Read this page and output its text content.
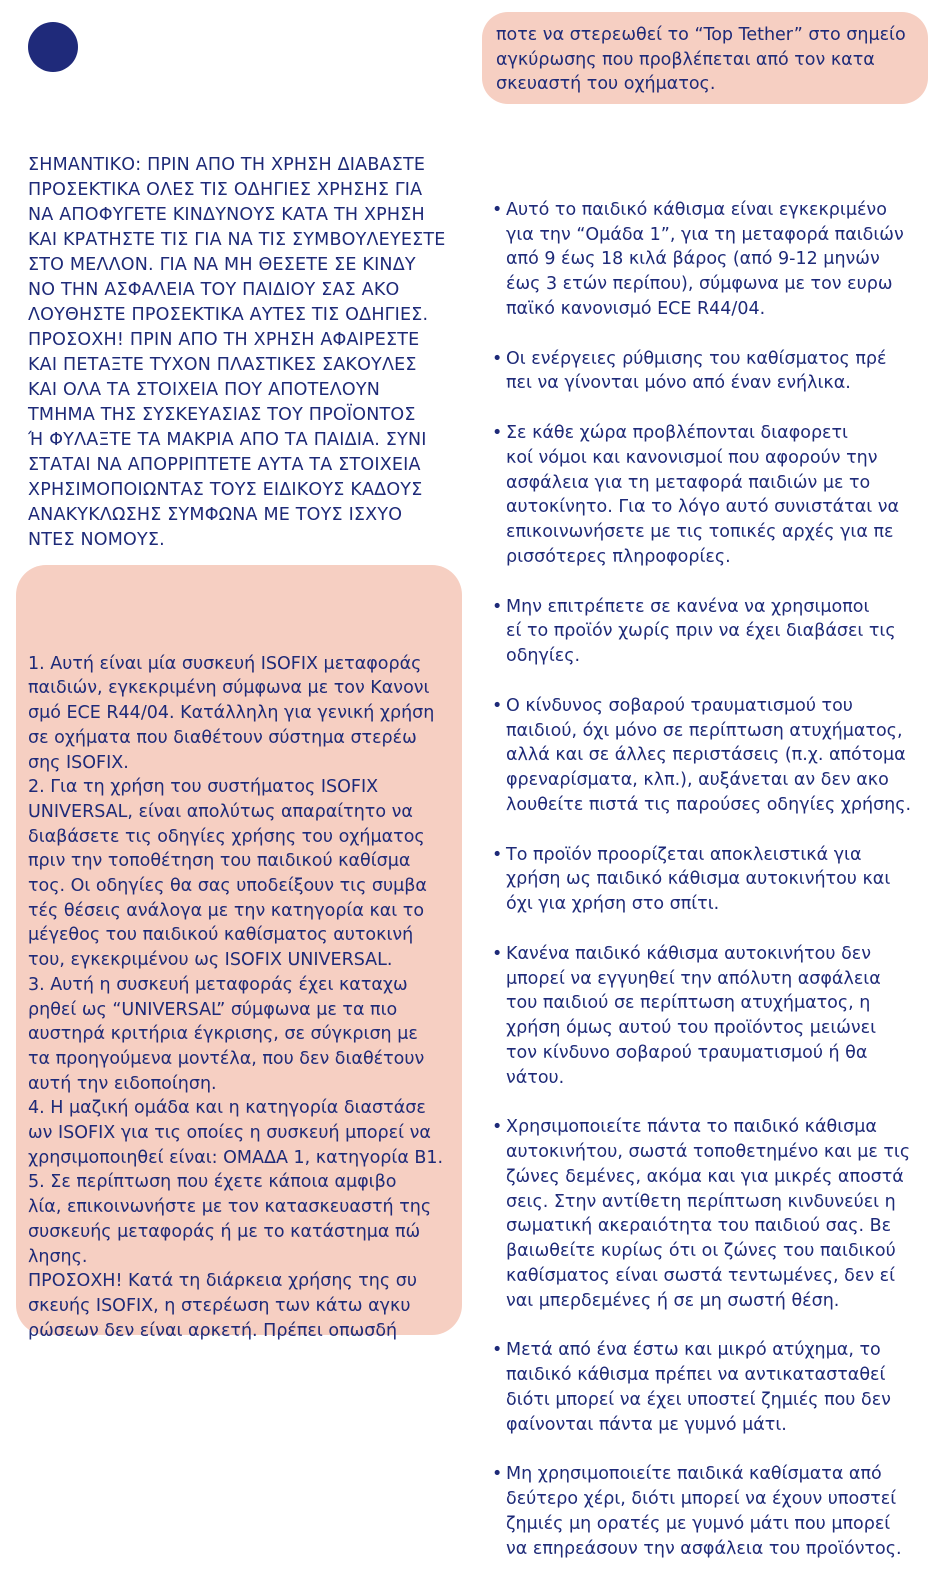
ποτε να στερεωθεί το “Top Tether” στο σημείο
αγκύρωσης που προβλέπεται από τον κατα
σκευαστή του οχήματος.
ΣΗΜΑΝΤΙΚΟ: ΠΡΙΝ ΑΠΟ ΤΗ ΧΡΗΣΗ ΔΙΑΒΑΣΤΕ
ΠΡΟΣΕΚΤΙΚΑ ΟΛΕΣ ΤΙΣ ΟΔΗΓΙΕΣ ΧΡΗΣΗΣ ΓΙΑ
ΝΑ ΑΠΟΦΥΓΕΤΕ ΚΙΝΔΥΝΟΥΣ ΚΑΤΑ ΤΗ ΧΡΗΣΗ
ΚΑΙ ΚΡΑΤΗΣΤΕ ΤΙΣ ΓΙΑ ΝΑ ΤΙΣ ΣΥΜΒΟΥΛΕΥΕΣΤΕ
ΣΤΟ ΜΕΛΛΟΝ. ΓΙΑ ΝΑ ΜΗ ΘΕΣΕΤΕ ΣΕ ΚΙΝΔΥ
ΝΟ ΤΗΝ ΑΣΦΑΛΕΙΑ ΤΟΥ ΠΑΙΔΙΟΥ ΣΑΣ ΑΚΟ
ΛΟΥΘΗΣΤΕ ΠΡΟΣΕΚΤΙΚΑ ΑΥΤΕΣ ΤΙΣ ΟΔΗΓΙΕΣ.
ΠΡΟΣΟΧΗ! ΠΡΙΝ ΑΠΟ ΤΗ ΧΡΗΣΗ ΑΦΑΙΡΕΣΤΕ
ΚΑΙ ΠΕΤΑΞΤΕ ΤΥΧΟΝ ΠΛΑΣΤΙΚΕΣ ΣΑΚΟΥΛΕΣ
ΚΑΙ ΟΛΑ ΤΑ ΣΤΟΙΧΕΙΑ ΠΟΥ ΑΠΟΤΕΛΟΥΝ
ΤΜΗΜΑ ΤΗΣ ΣΥΣΚΕΥΑΣΙΑΣ ΤΟΥ ΠΡΟΪΟΝΤΟΣ
Ή ΦΥΛΑΞΤΕ ΤΑ ΜΑΚΡΙΑ ΑΠΟ ΤΑ ΠΑΙΔΙΑ. ΣΥΝΙ
ΣΤΑΤΑΙ ΝΑ ΑΠΟΡΡΙΠΤΕΤΕ ΑΥΤΑ ΤΑ ΣΤΟΙΧΕΙΑ
ΧΡΗΣΙΜΟΠΟΙΩΝΤΑΣ ΤΟΥΣ ΕΙΔΙΚΟΥΣ ΚΑΔΟΥΣ
ΑΝΑΚΥΚΛΩΣΗΣ ΣΥΜΦΩΝΑ ΜΕ ΤΟΥΣ ΙΣΧΥΟ
ΝΤΕΣ ΝΟΜΟΥΣ.

1. Αυτή είναι μία συσκευή ISOFIX μεταφοράς
παιδιών, εγκεκριμένη σύμφωνα με τον Κανονι
σμό ECE R44/04. Κατάλληλη για γενική χρήση
σε οχήματα που διαθέτουν σύστημα στερέω
σης ISOFIX.
2. Για τη χρήση του συστήματος ISOFIX
UNIVERSAL, είναι απολύτως απαραίτητο να
διαβάσετε τις οδηγίες χρήσης του οχήματος
πριν την τοποθέτηση του παιδικού καθίσμα
τος. Οι οδηγίες θα σας υποδείξουν τις συμβα
τές θέσεις ανάλογα με την κατηγορία και το
μέγεθος του παιδικού καθίσματος αυτοκινή
του, εγκεκριμένου ως ISOFIX UNIVERSAL.
3. Αυτή η συσκευή μεταφοράς έχει καταχω
ρηθεί ως “UNIVERSAL” σύμφωνα με τα πιο
αυστηρά κριτήρια έγκρισης, σε σύγκριση με
τα προηγούμενα μοντέλα, που δεν διαθέτουν
αυτή την ειδοποίηση.
4. Η μαζική ομάδα και η κατηγορία διαστάσε
ων ISOFIX για τις οποίες η συσκευή μπορεί να
χρησιμοποιηθεί είναι: ΟΜΑΔΑ 1, κατηγορία B1.
5. Σε περίπτωση που έχετε κάποια αμφιβο
λία, επικοινωνήστε με τον κατασκευαστή της
συσκευής μεταφοράς ή με το κατάστημα πώ
λησης.
ΠΡΟΣΟΧΗ! Κατά τη διάρκεια χρήσης της συ
σκευής ISOFIX, η στερέωση των κάτω αγκυ
ρώσεων δεν είναι αρκετή. Πρέπει οπωσδή

• Αυτό το παιδικό κάθισμα είναι εγκεκριμένο
για την “Ομάδα 1”, για τη μεταφορά παιδιών
από 9 έως 18 κιλά βάρος (από 9-12 μηνών
έως 3 ετών περίπου), σύμφωνα με τον ευρω
παϊκό κανονισμό ECE R44/04.

• Οι ενέργειες ρύθμισης του καθίσματος πρέ
πει να γίνονται μόνο από έναν ενήλικα.

• Σε κάθε χώρα προβλέπονται διαφορετι
κοί νόμοι και κανονισμοί που αφορούν την
ασφάλεια για τη μεταφορά παιδιών με το
αυτοκίνητο. Για το λόγο αυτό συνιστάται να
επικοινωνήσετε με τις τοπικές αρχές για πε
ρισσότερες πληροφορίες.

• Μην επιτρέπετε σε κανένα να χρησιμοποι
εί το προϊόν χωρίς πριν να έχει διαβάσει τις
οδηγίες.

• Ο κίνδυνος σοβαρού τραυματισμού του
παιδιού, όχι μόνο σε περίπτωση ατυχήματος,
αλλά και σε άλλες περιστάσεις (π.χ. απότομα
φρεναρίσματα, κλπ.), αυξάνεται αν δεν ακο
λουθείτε πιστά τις παρούσες οδηγίες χρήσης.

• Το προϊόν προορίζεται αποκλειστικά για
χρήση ως παιδικό κάθισμα αυτοκινήτου και
όχι για χρήση στο σπίτι.

• Κανένα παιδικό κάθισμα αυτοκινήτου δεν
μπορεί να εγγυηθεί την απόλυτη ασφάλεια
του παιδιού σε περίπτωση ατυχήματος, η
χρήση όμως αυτού του προϊόντος μειώνει
τον κίνδυνο σοβαρού τραυματισμού ή θα
νάτου.

• Χρησιμοποιείτε πάντα το παιδικό κάθισμα
αυτοκινήτου, σωστά τοποθετημένο και με τις
ζώνες δεμένες, ακόμα και για μικρές αποστά
σεις. Στην αντίθετη περίπτωση κινδυνεύει η
σωματική ακεραιότητα του παιδιού σας. Βε
βαιωθείτε κυρίως ότι οι ζώνες του παιδικού
καθίσματος είναι σωστά τεντωμένες, δεν εί
ναι μπερδεμένες ή σε μη σωστή θέση.

• Μετά από ένα έστω και μικρό ατύχημα, το
παιδικό κάθισμα πρέπει να αντικατασταθεί
διότι μπορεί να έχει υποστεί ζημιές που δεν
φαίνονται πάντα με γυμνό μάτι.

• Μη χρησιμοποιείτε παιδικά καθίσματα από
δεύτερο χέρι, διότι μπορεί να έχουν υποστεί
ζημιές μη ορατές με γυμνό μάτι που μπορεί
να επηρεάσουν την ασφάλεια του προϊόντος.
